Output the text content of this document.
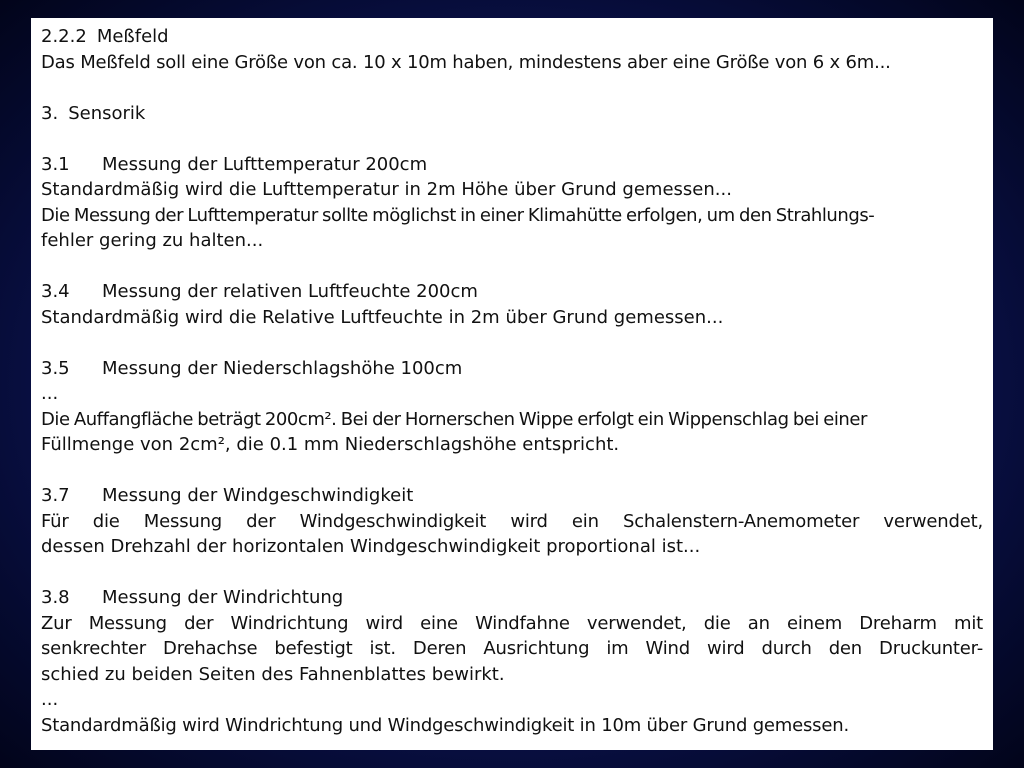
2.2.2 Meßfeld

Das Meßfeld soll eine Größe von ca. 10 x 10m haben, mindestens aber eine Größe von 6 x 6m...

3. Sensorik
3.1	Messung der Lufttemperatur 200cm

Standardmäßig wird die Lufttemperatur in 2m Höhe über Grund gemessen...

Die Messung der Lufttemperatur sollte möglichst in einer Klimahütte erfolgen, um den Strahlungs-

fehler gering zu halten...

3.4	Messung der relativen Luftfeuchte 200cm

Standardmäßig wird die Relative Luftfeuchte in 2m über Grund gemessen...

3.5	Messung der Niederschlagshöhe 100cm

...

Die Auffangfläche beträgt 200cm². Bei der Hornerschen Wippe erfolgt ein Wippenschlag bei einer

Füllmenge von 2cm², die 0.1 mm Niederschlagshöhe entspricht.

3.7	Messung der Windgeschwindigkeit

Für die Messung der Windgeschwindigkeit wird ein Schalenstern-Anemometer verwendet,

dessen Drehzahl der horizontalen Windgeschwindigkeit proportional ist...

3.8	Messung der Windrichtung

Zur Messung der Windrichtung wird eine Windfahne verwendet, die an einem Dreharm mit

senkrechter Drehachse befestigt ist. Deren Ausrichtung im Wind wird durch den Druckunter-

schied zu beiden Seiten des Fahnenblattes bewirkt.

...

Standardmäßig wird Windrichtung und Windgeschwindigkeit in 10m über Grund gemessen.
